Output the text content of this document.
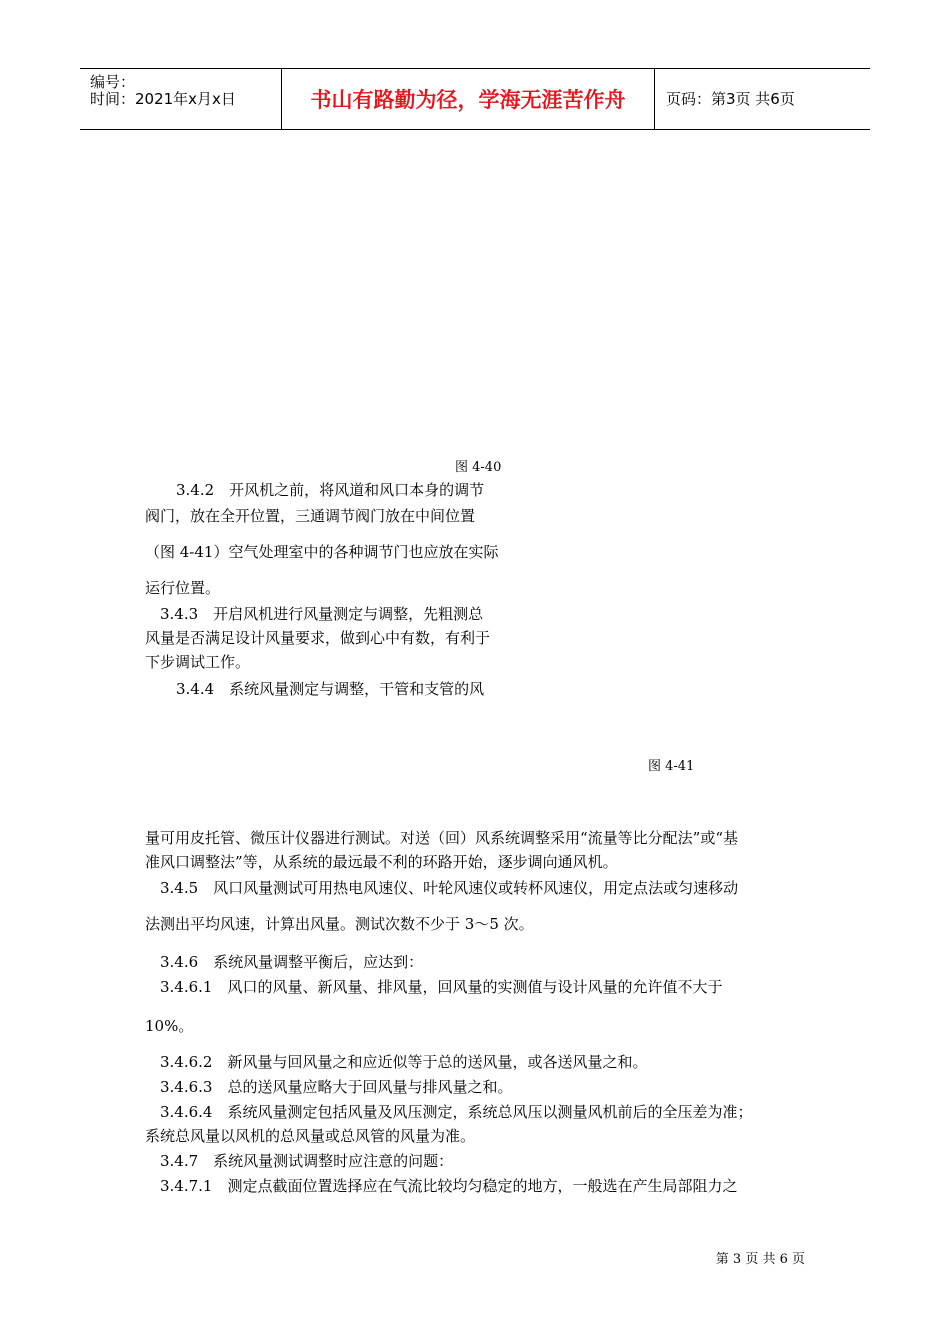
编号：
时间：2021年x月x日	书山有路勤为径，学海无涯苦作舟	页码：第3页 共6页
图 4-40
图 4-41
3.4.2　开风机之前，将风道和风口本身的调节
阀门，放在全开位置，三通调节阀门放在中间位置
（图 4-41）空气处理室中的各种调节门也应放在实际
运行位置。
3.4.3　开启风机进行风量测定与调整，先粗测总
风量是否满足设计风量要求，做到心中有数，有利于
下步调试工作。
3.4.4　系统风量测定与调整，干管和支管的风
量可用皮托管、微压计仪器进行测试。对送（回）风系统调整采用“流量等比分配法”或“基
准风口调整法”等，从系统的最远最不利的环路开始，逐步调向通风机。
3.4.5　风口风量测试可用热电风速仪、叶轮风速仪或转杯风速仪，用定点法或匀速移动
法测出平均风速，计算出风量。测试次数不少于 3～5 次。
3.4.6　系统风量调整平衡后，应达到：
3.4.6.1　风口的风量、新风量、排风量，回风量的实测值与设计风量的允许值不大于
10%。
3.4.6.2　新风量与回风量之和应近似等于总的送风量，或各送风量之和。
3.4.6.3　总的送风量应略大于回风量与排风量之和。
3.4.6.4　系统风量测定包括风量及风压测定，系统总风压以测量风机前后的全压差为准；
系统总风量以风机的总风量或总风管的风量为准。
3.4.7　系统风量测试调整时应注意的问题：
3.4.7.1　测定点截面位置选择应在气流比较均匀稳定的地方，一般选在产生局部阻力之
第 3 页 共 6 页
